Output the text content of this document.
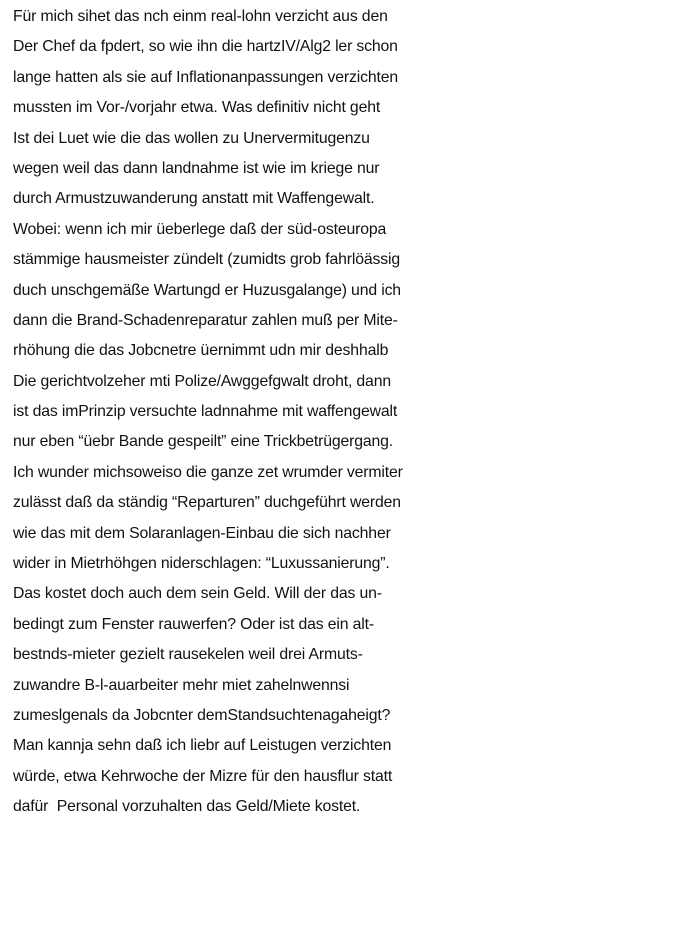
Für mich sihet das nch einm real-lohn verzicht aus den
Der Chef da fpdert, so wie ihn die hartzIV/Alg2 ler schon
lange hatten als sie auf Inflationanpassungen verzichten
mussten im Vor-/vorjahr etwa. Was definitiv nicht geht
Ist dei Luet wie die das wollen zu Unervermitugenzu
wegen weil das dann landnahme ist wie im kriege nur
durch Armustzuwanderung anstatt mit Waffengewalt.
Wobei: wenn ich mir üeberlege daß der süd-osteuropa
stämmige hausmeister zündelt (zumidts grob fahrlöässig
duch unschgemäße Wartungd er Huzusgalange) und ich
dann die Brand-Schadenreparatur zahlen muß per Mite-
rhöhung die das Jobcnetre üernimmt udn mir deshhalb
Die gerichtvolzeher mti Polize/Awggefgwalt droht, dann
ist das imPrinzip versuchte ladnnahme mit waffengewalt
nur eben “üebr Bande gespeilt” eine Trickbetrügergang.
Ich wunder michsoweiso die ganze zet wrumder vermiter
zulässt daß da ständig “Reparturen” duchgeführt werden
wie das mit dem Solaranlagen-Einbau die sich nachher
wider in Mietrhöhgen niderschlagen: “Luxussanierung”.
Das kostet doch auch dem sein Geld. Will der das un-
bedingt zum Fenster rauwerfen? Oder ist das ein alt-
bestnds-mieter gezielt rausekelen weil drei Armuts-
zuwandre B-l-auarbeiter mehr miet zahelnwennsi
zumeslgenals da Jobcnter demStandsuchtenagaheigt?
Man kannja sehn daß ich liebr auf Leistugen verzichten
würde, etwa Kehrwoche der Mizre für den hausflur statt
dafür  Personal vorzuhalten das Geld/Miete kostet.
